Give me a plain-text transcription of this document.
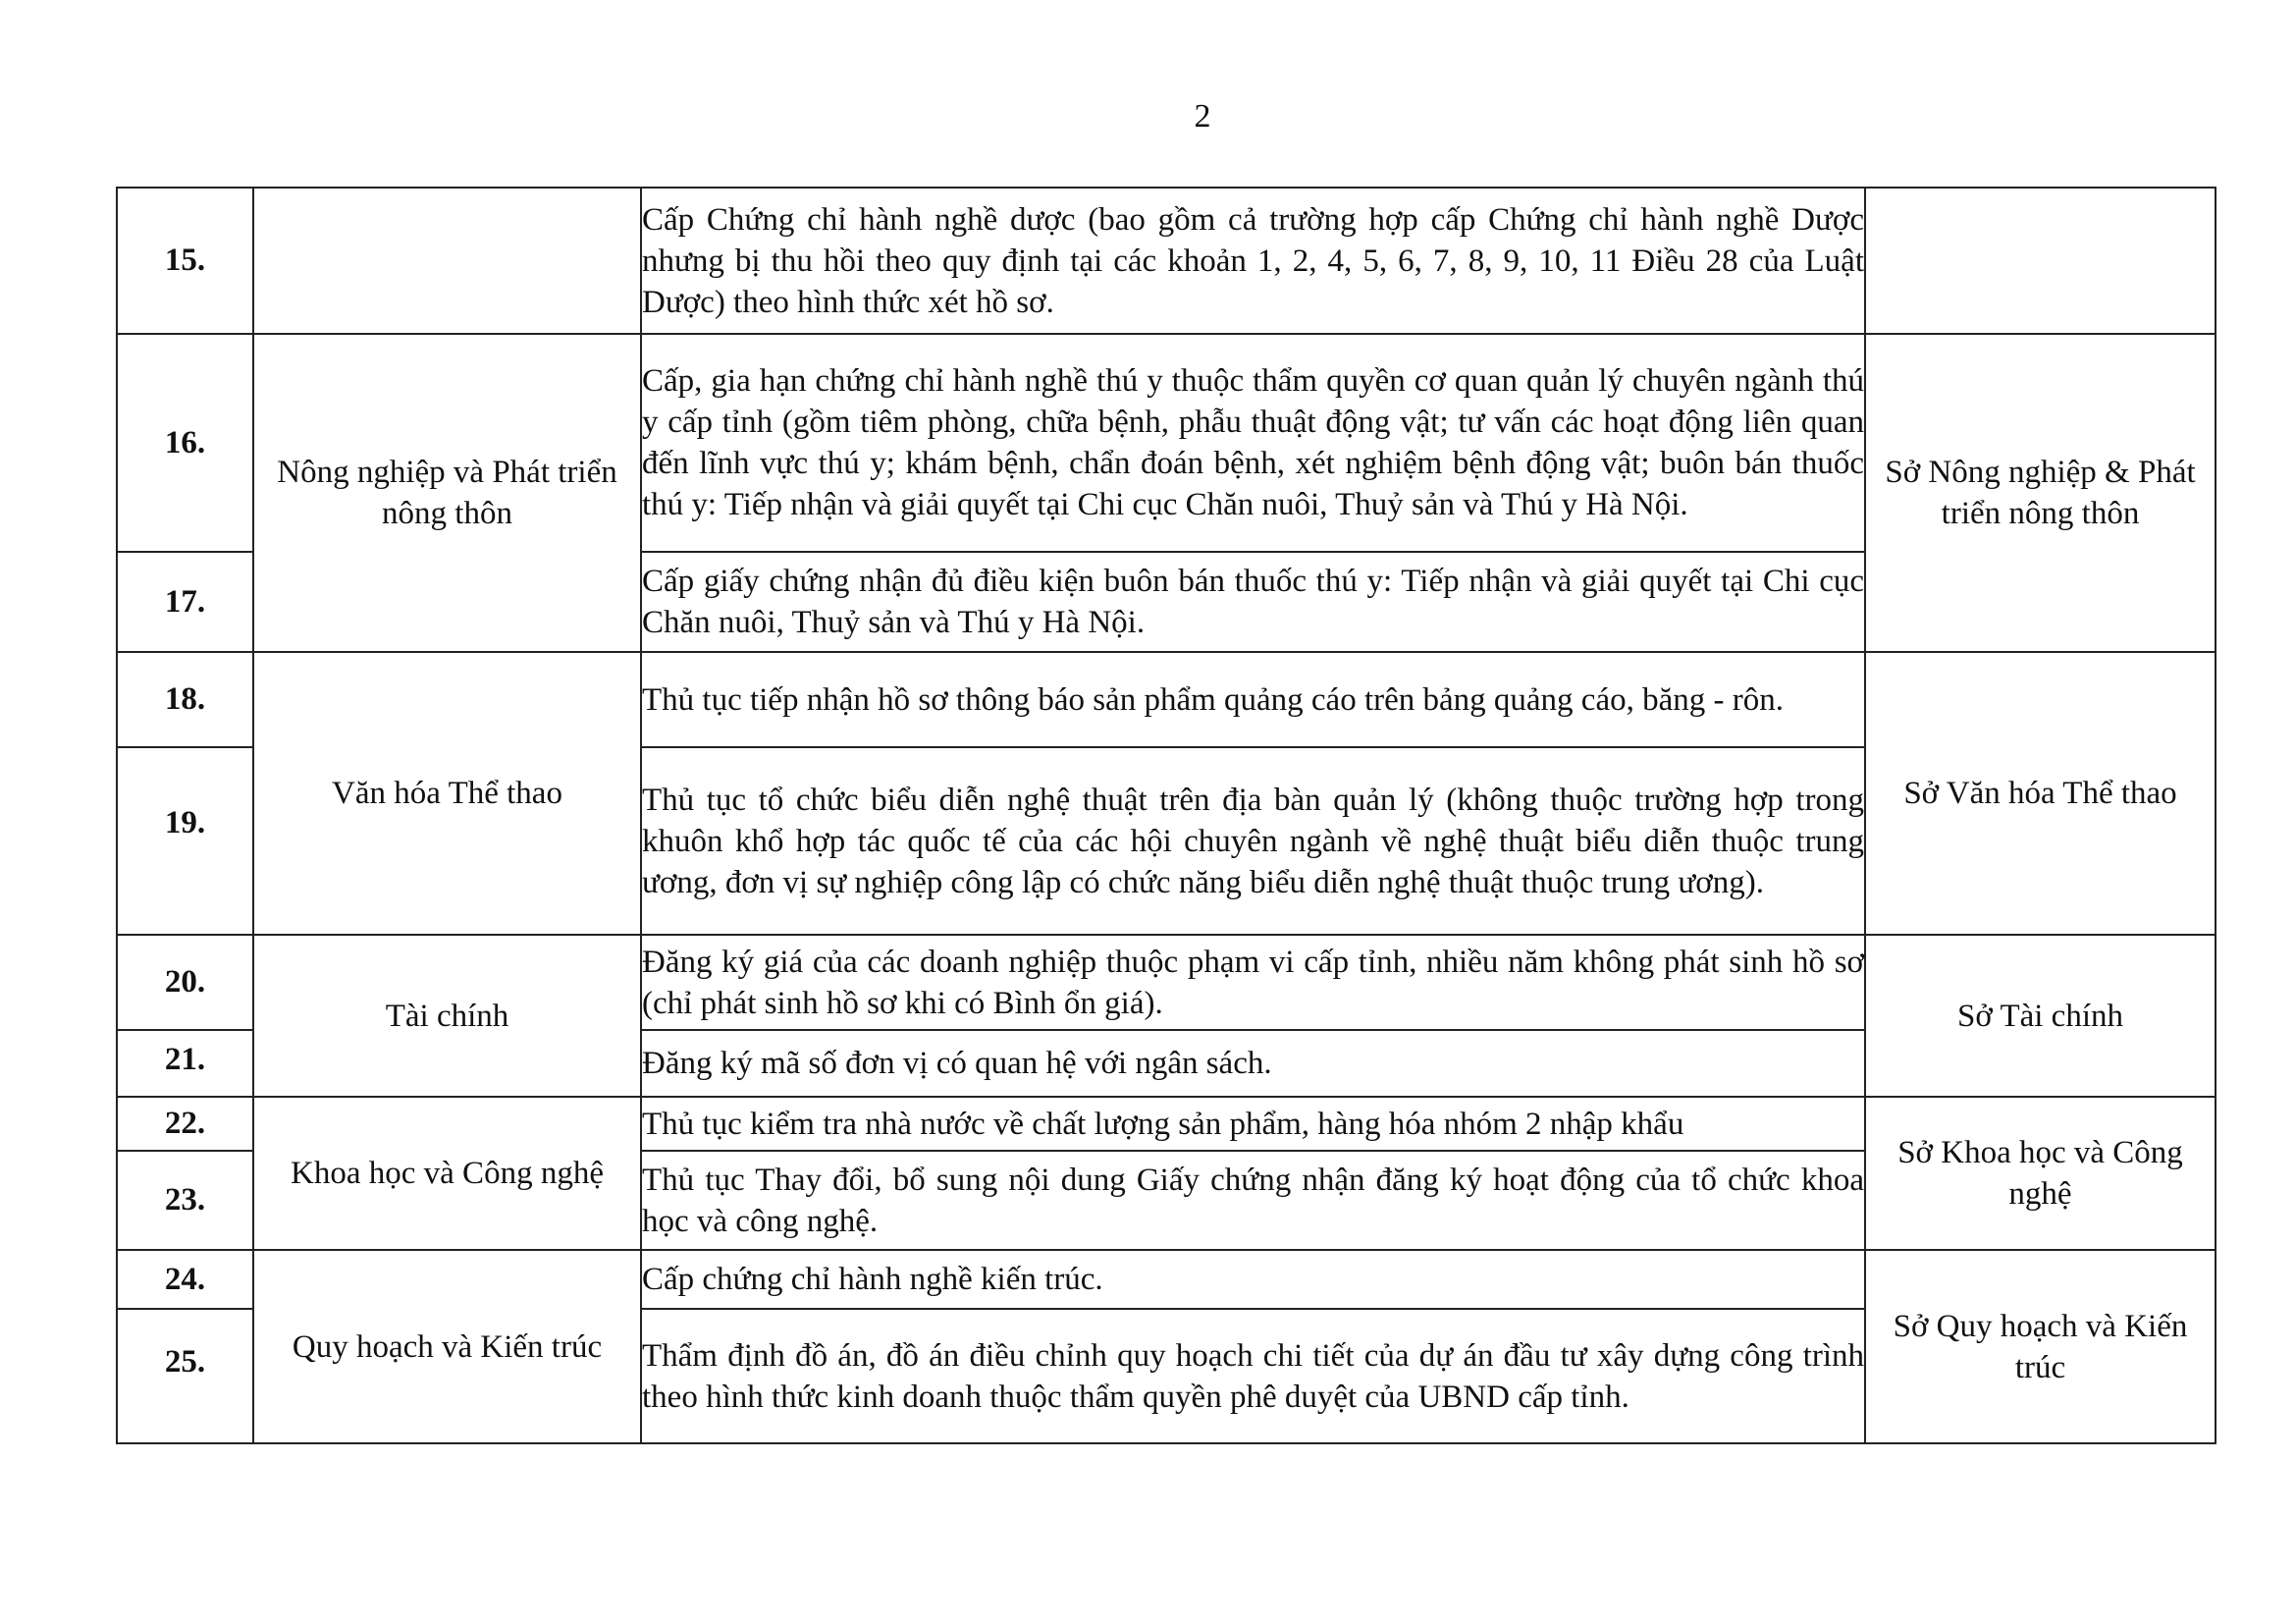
2
15.		Cấp Chứng chỉ hành nghề dược (bao gồm cả trường hợp cấp Chứng chỉ hành nghề Dược nhưng bị thu hồi theo quy định tại các khoản 1, 2, 4, 5, 6, 7, 8, 9, 10, 11 Điều 28 của Luật Dược) theo hình thức xét hồ sơ.	
16.	Nông nghiệp và Phát triển nông thôn	Cấp, gia hạn chứng chỉ hành nghề thú y thuộc thẩm quyền cơ quan quản lý chuyên ngành thú y cấp tỉnh (gồm tiêm phòng, chữa bệnh, phẫu thuật động vật; tư vấn các hoạt động liên quan đến lĩnh vực thú y; khám bệnh, chẩn đoán bệnh, xét nghiệm bệnh động vật; buôn bán thuốc thú y: Tiếp nhận và giải quyết tại Chi cục Chăn nuôi, Thuỷ sản và Thú y Hà Nội.	Sở Nông nghiệp & Phát triển nông thôn
17.		Cấp giấy chứng nhận đủ điều kiện buôn bán thuốc thú y: Tiếp nhận và giải quyết tại Chi cục Chăn nuôi, Thuỷ sản và Thú y Hà Nội.	
18.	Văn hóa Thể thao	Thủ tục tiếp nhận hồ sơ thông báo sản phẩm quảng cáo trên bảng quảng cáo, băng - rôn.	Sở Văn hóa Thể thao
19.		Thủ tục tổ chức biểu diễn nghệ thuật trên địa bàn quản lý (không thuộc trường hợp trong khuôn khổ hợp tác quốc tế của các hội chuyên ngành về nghệ thuật biểu diễn thuộc trung ương, đơn vị sự nghiệp công lập có chức năng biểu diễn nghệ thuật thuộc trung ương).	
20.	Tài chính	Đăng ký giá của các doanh nghiệp thuộc phạm vi cấp tỉnh, nhiều năm không phát sinh hồ sơ (chỉ phát sinh hồ sơ khi có Bình ổn giá).	Sở Tài chính
21.		Đăng ký mã số đơn vị có quan hệ với ngân sách.	
22.	Khoa học và Công nghệ	Thủ tục kiểm tra nhà nước về chất lượng sản phẩm, hàng hóa nhóm 2 nhập khẩu	Sở Khoa học và Công nghệ
23.		Thủ tục Thay đổi, bổ sung nội dung Giấy chứng nhận đăng ký hoạt động của tổ chức khoa học và công nghệ.	
24.	Quy hoạch và Kiến trúc	Cấp chứng chỉ hành nghề kiến trúc.	Sở Quy hoạch và Kiến trúc
25.		Thẩm định đồ án, đồ án điều chỉnh quy hoạch chi tiết của dự án đầu tư xây dựng công trình theo hình thức kinh doanh thuộc thẩm quyền phê duyệt của UBND cấp tỉnh.	
